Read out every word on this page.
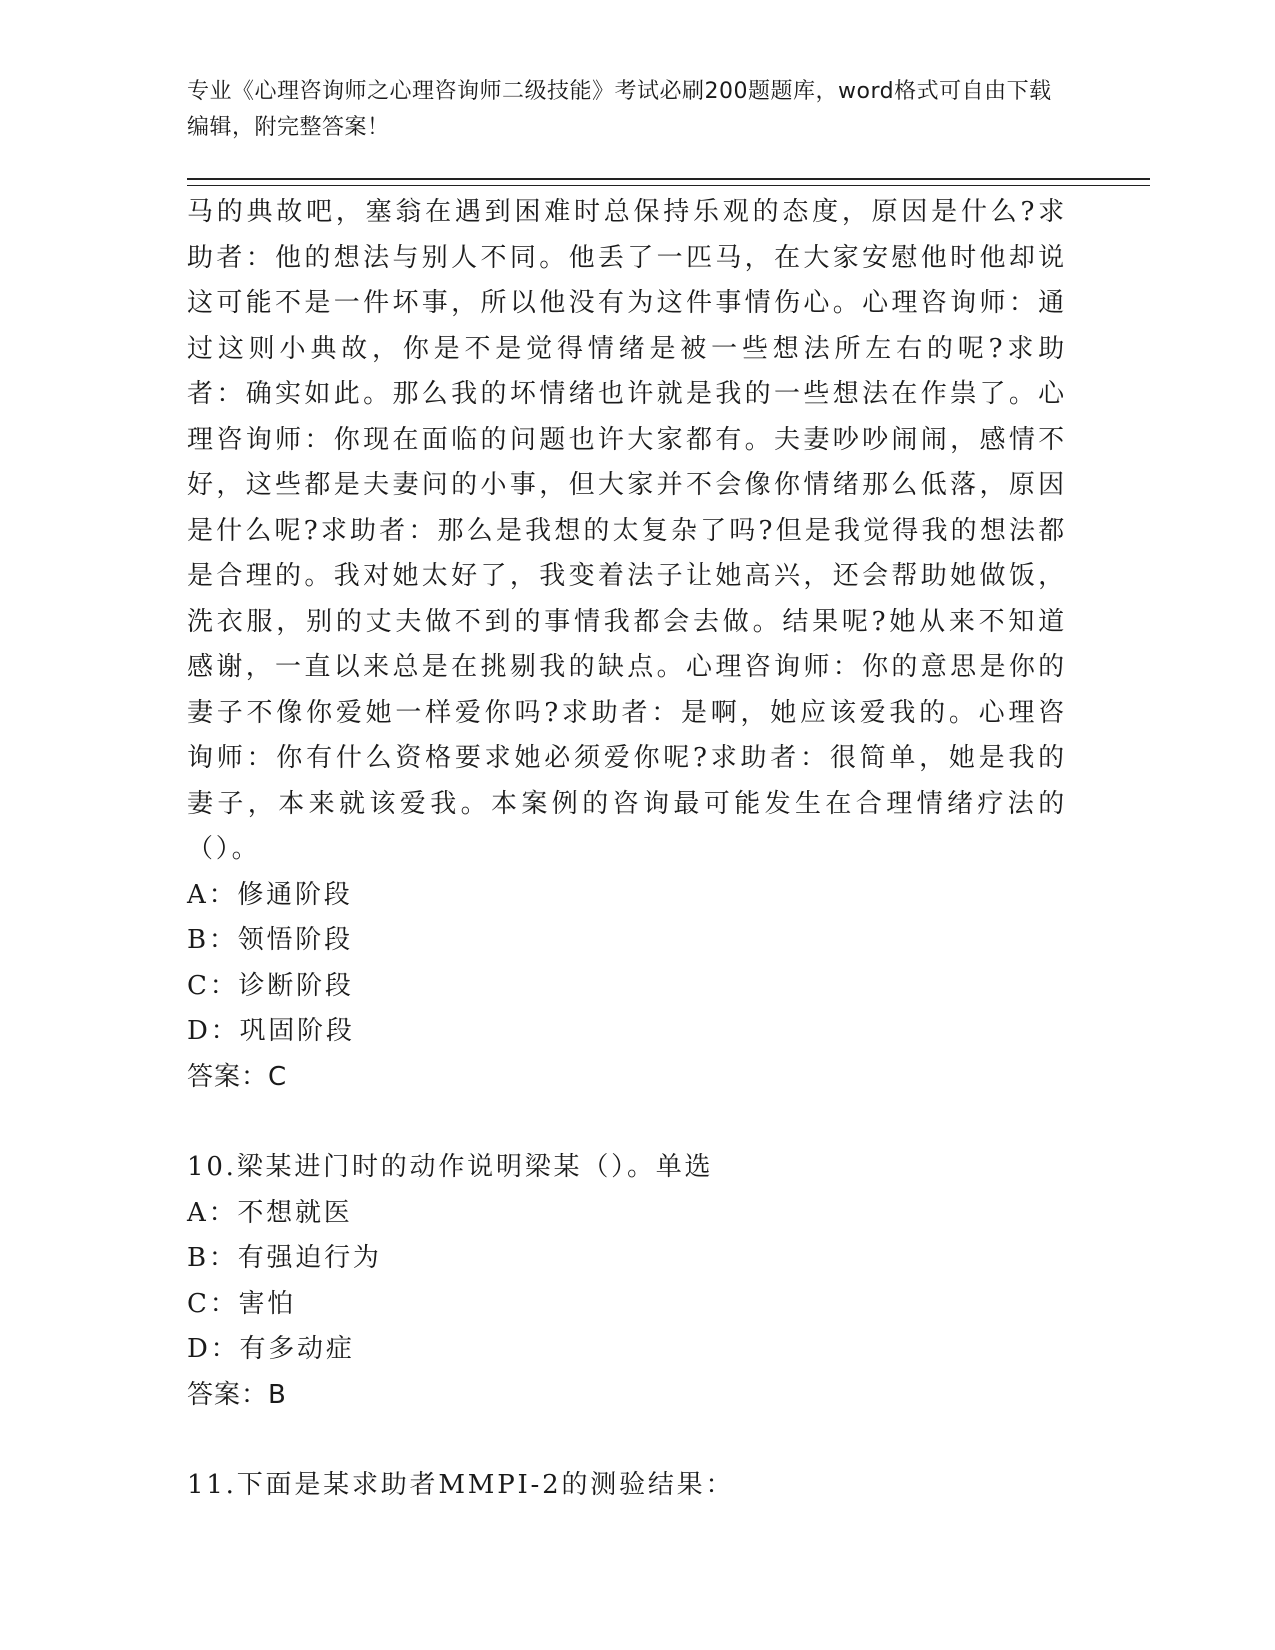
专业《心理咨询师之心理咨询师二级技能》考试必刷200题题库，word格式可自由下载编辑，附完整答案！

马的典故吧，塞翁在遇到困难时总保持乐观的态度，原因是什么?求助者：他的想法与别人不同。他丢了一匹马，在大家安慰他时他却说这可能不是一件坏事，所以他没有为这件事情伤心。心理咨询师：通过这则小典故，你是不是觉得情绪是被一些想法所左右的呢?求助者：确实如此。那么我的坏情绪也许就是我的一些想法在作祟了。心理咨询师：你现在面临的问题也许大家都有。夫妻吵吵闹闹，感情不好，这些都是夫妻问的小事，但大家并不会像你情绪那么低落，原因是什么呢?求助者：那么是我想的太复杂了吗?但是我觉得我的想法都是合理的。我对她太好了，我变着法子让她高兴，还会帮助她做饭，洗衣服，别的丈夫做不到的事情我都会去做。结果呢?她从来不知道感谢，一直以来总是在挑剔我的缺点。心理咨询师：你的意思是你的妻子不像你爱她一样爱你吗?求助者：是啊，她应该爱我的。心理咨询师：你有什么资格要求她必须爱你呢?求助者：很简单，她是我的妻子，本来就该爱我。本案例的咨询最可能发生在合理情绪疗法的（）。

A：修通阶段

B：领悟阶段

C：诊断阶段

D：巩固阶段

答案：C

10.梁某进门时的动作说明梁某（）。单选

A：不想就医

B：有强迫行为

C：害怕

D：有多动症

答案：B

11.下面是某求助者MMPI-2的测验结果：
